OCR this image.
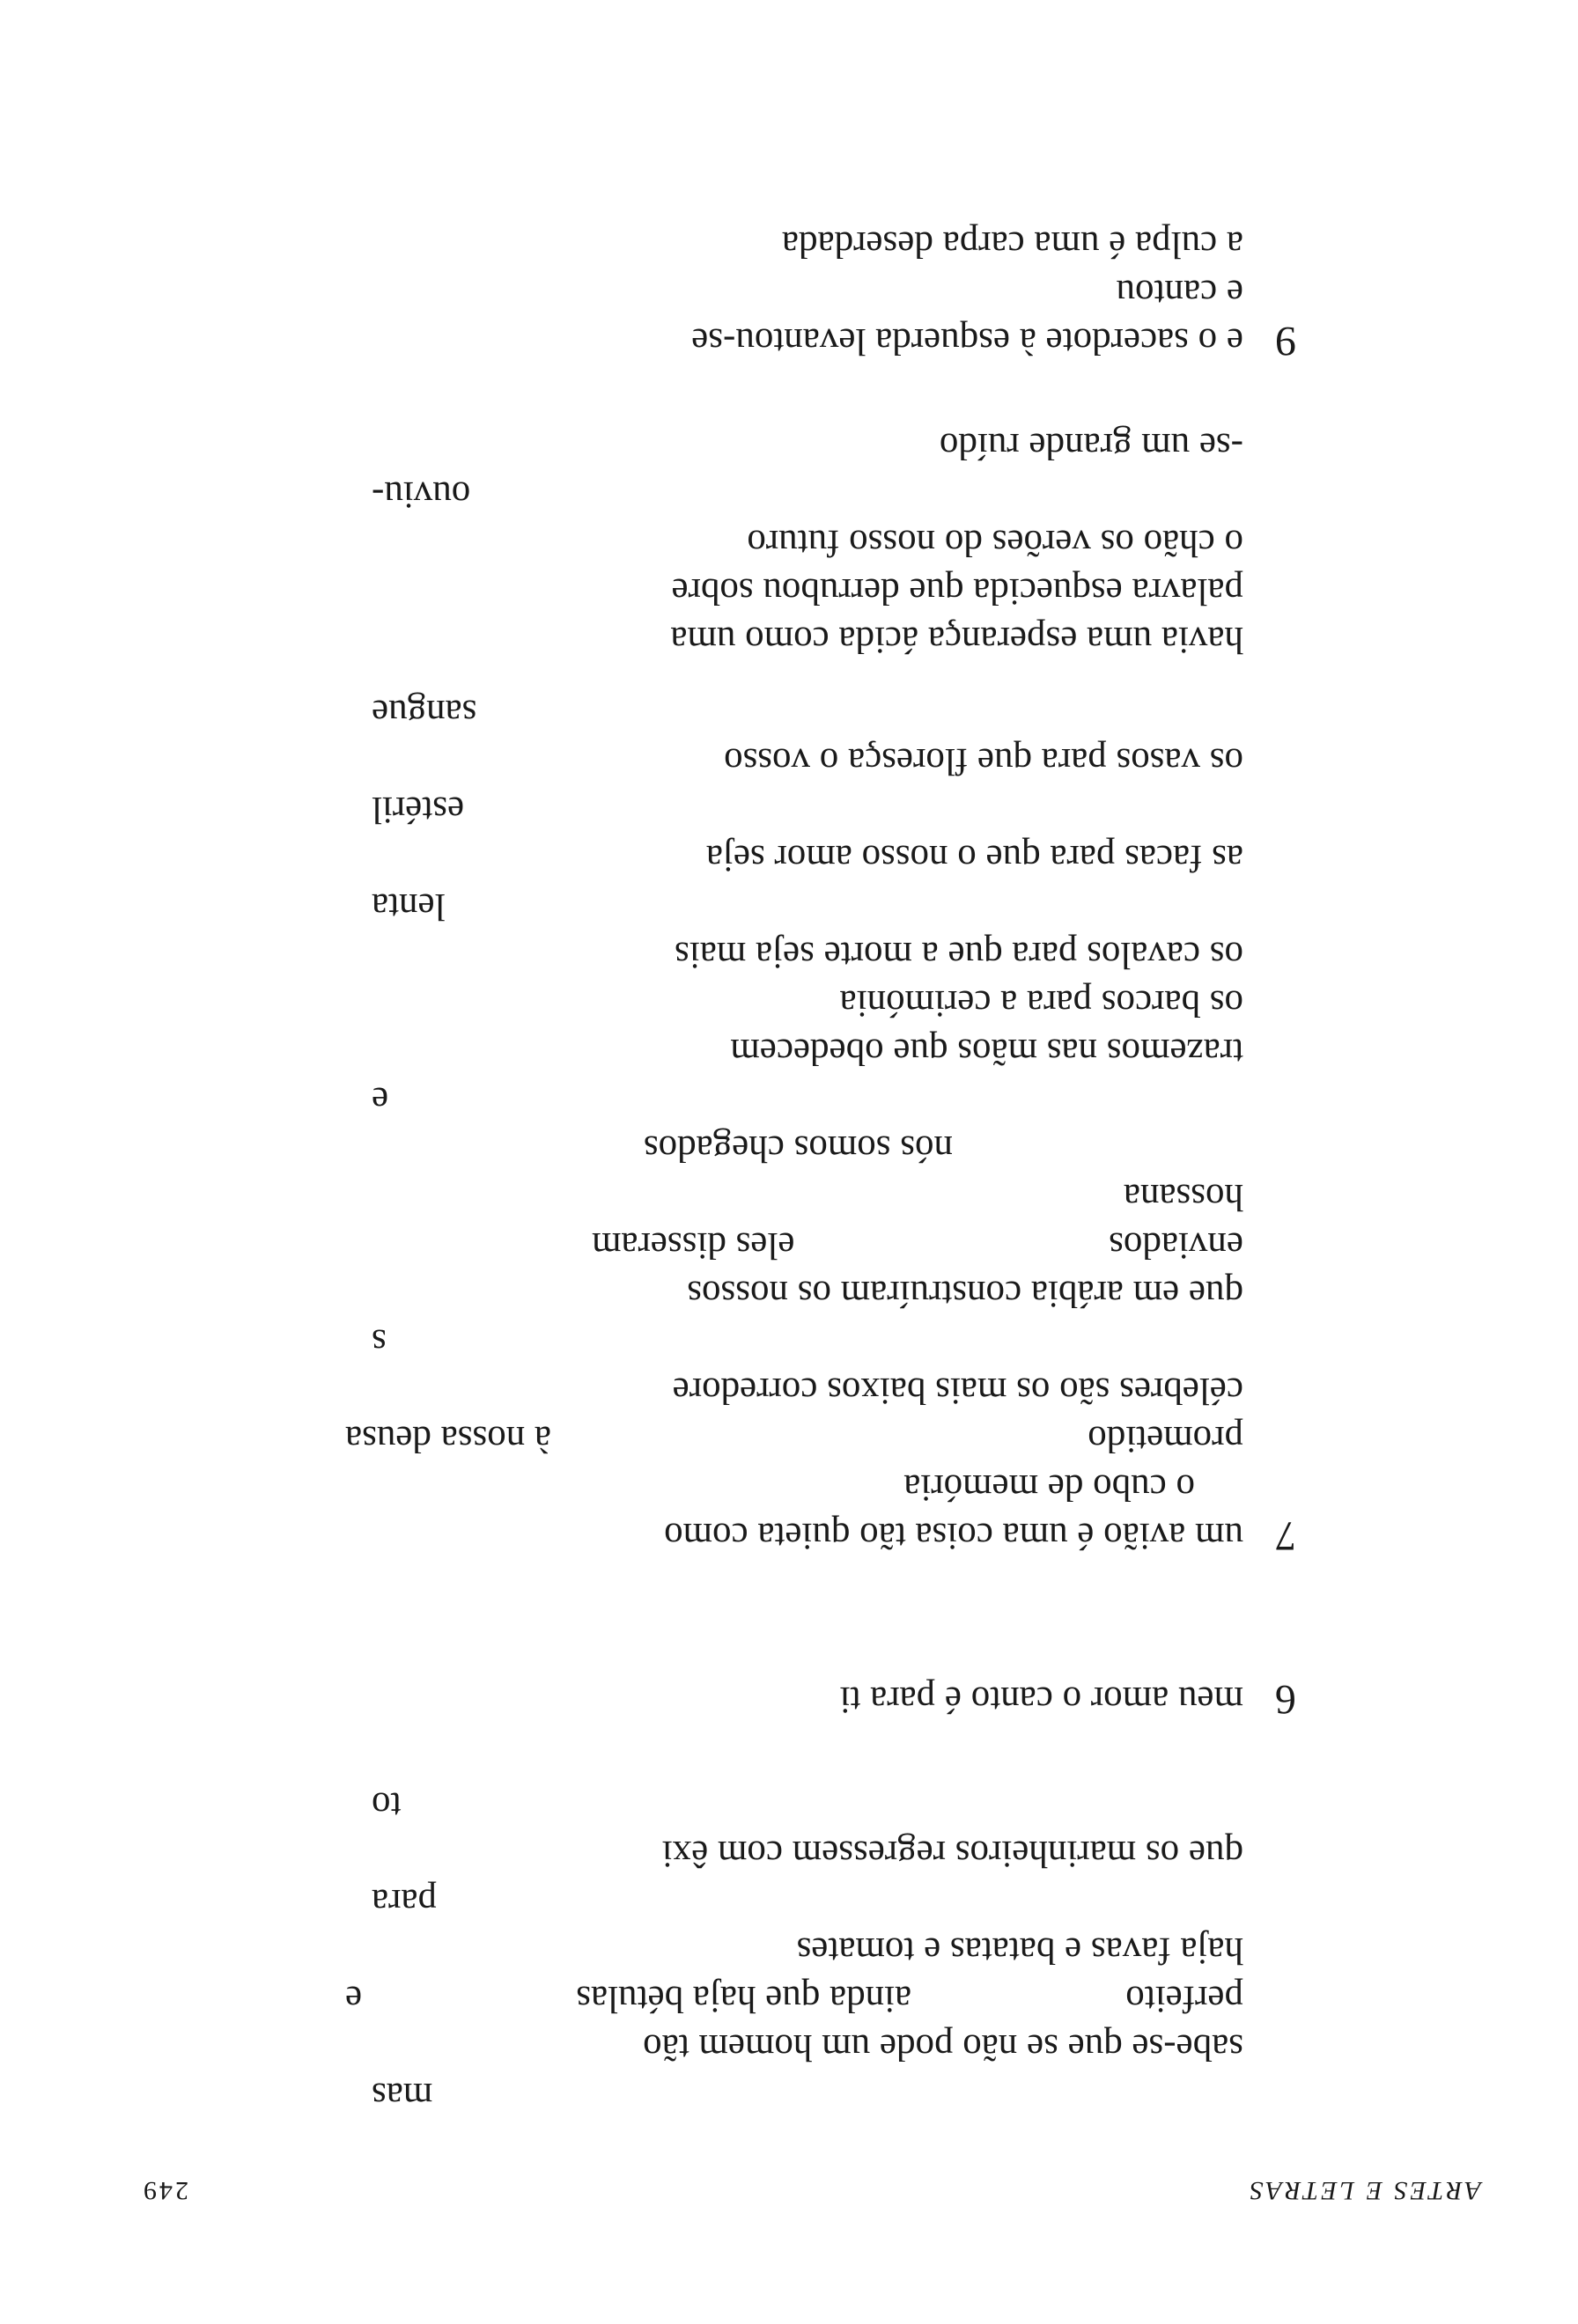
ARTES E LETRAS
249
mas
sabe-se que se não pode um homem tão
perfeito
ainda que haja bétulas
e
haja favas e batatas e tomates
para
que os marinheiros regressem com êxi
to
6
meu amor o canto é para ti
7
um avião é uma coisa tão quieta como
o cubo de memória
prometido
à nossa deusa
célebres são os mais baixos corredore
s
que em arábia construíram os nossos
enviados
eles disseram
hossana
nós somos chegados
e
trazemos nas mãos que obedecem
os barcos para a cerimónia
os cavalos para que a morte seja mais
lenta
as facas para que o nosso amor seja
estéril
os vasos para que floresça o vosso
sangue
havia uma esperança ácida como uma
palavra esquecida que derrubou sobre
o chão os verões do nosso futuro
ouviu-
-se um grande ruído
9
e o sacerdote à esquerda levantou-se
e cantou
a culpa é uma carpa deserdada
